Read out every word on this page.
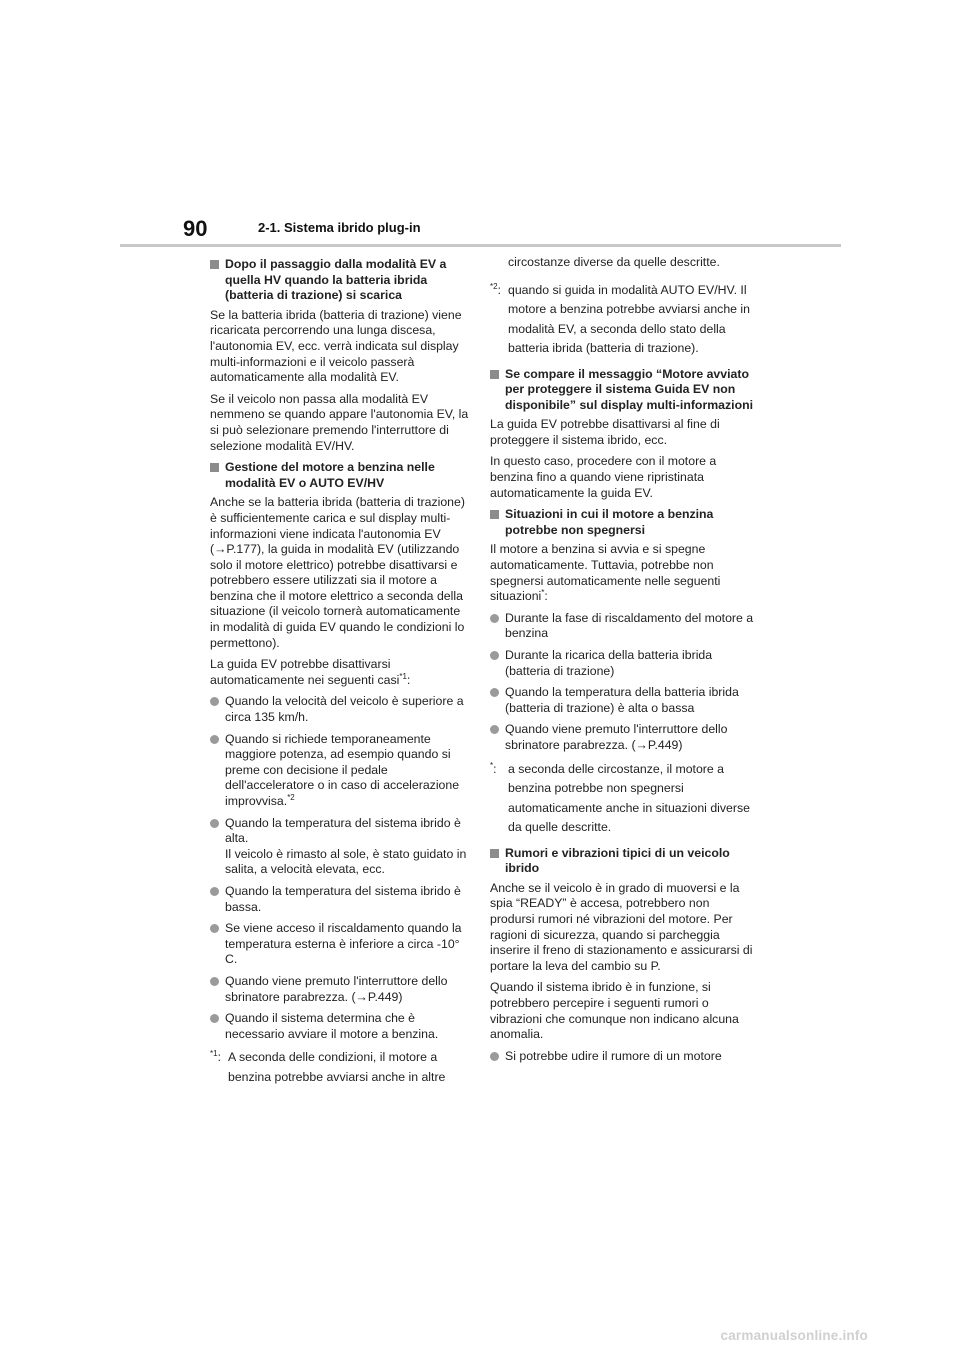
90	2-1. Sistema ibrido plug-in
Dopo il passaggio dalla modalità EV a quella HV quando la batteria ibrida (batteria di trazione) si scarica
Se la batteria ibrida (batteria di trazione) viene ricaricata percorrendo una lunga discesa, l'autonomia EV, ecc. verrà indicata sul display multi-informazioni e il veicolo passerà automaticamente alla modalità EV.
Se il veicolo non passa alla modalità EV nemmeno se quando appare l'autonomia EV, la si può selezionare premendo l'interruttore di selezione modalità EV/HV.
Gestione del motore a benzina nelle modalità EV o AUTO EV/HV
Anche se la batteria ibrida (batteria di trazione) è sufficientemente carica e sul display multi-informazioni viene indicata l'autonomia EV (→P.177), la guida in modalità EV (utilizzando solo il motore elettrico) potrebbe disattivarsi e potrebbero essere utilizzati sia il motore a benzina che il motore elettrico a seconda della situazione (il veicolo tornerà automaticamente in modalità di guida EV quando le condizioni lo permettono).
La guida EV potrebbe disattivarsi automaticamente nei seguenti casi$^{*1}$:
Quando la velocità del veicolo è superiore a circa 135 km/h.
Quando si richiede temporaneamente maggiore potenza, ad esempio quando si preme con decisione il pedale dell'acceleratore o in caso di accelerazione improvvisa.$^{*2}$
Quando la temperatura del sistema ibrido è alta.
Il veicolo è rimasto al sole, è stato guidato in salita, a velocità elevata, ecc.
Quando la temperatura del sistema ibrido è bassa.
Se viene acceso il riscaldamento quando la temperatura esterna è inferiore a circa -10° C.
Quando viene premuto l'interruttore dello sbrinatore parabrezza. (→P.449)
Quando il sistema determina che è necessario avviare il motore a benzina.
$^{*1}$: A seconda delle condizioni, il motore a benzina potrebbe avviarsi anche in altre
circostanze diverse da quelle descritte.
$^{*2}$: quando si guida in modalità AUTO EV/HV. Il motore a benzina potrebbe avviarsi anche in modalità EV, a seconda dello stato della batteria ibrida (batteria di trazione).
Se compare il messaggio “Motore avviato per proteggere il sistema Guida EV non disponibile” sul display multi-informazioni
La guida EV potrebbe disattivarsi al fine di proteggere il sistema ibrido, ecc.
In questo caso, procedere con il motore a benzina fino a quando viene ripristinata automaticamente la guida EV.
Situazioni in cui il motore a benzina potrebbe non spegnersi
Il motore a benzina si avvia e si spegne automaticamente. Tuttavia, potrebbe non spegnersi automaticamente nelle seguenti situazioni*:
Durante la fase di riscaldamento del motore a benzina
Durante la ricarica della batteria ibrida (batteria di trazione)
Quando la temperatura della batteria ibrida (batteria di trazione) è alta o bassa
Quando viene premuto l'interruttore dello sbrinatore parabrezza. (→P.449)
*: a seconda delle circostanze, il motore a benzina potrebbe non spegnersi automaticamente anche in situazioni diverse da quelle descritte.
Rumori e vibrazioni tipici di un veicolo ibrido
Anche se il veicolo è in grado di muoversi e la spia “READY” è accesa, potrebbero non prodursi rumori né vibrazioni del motore. Per ragioni di sicurezza, quando si parcheggia inserire il freno di stazionamento e assicurarsi di portare la leva del cambio su P.
Quando il sistema ibrido è in funzione, si potrebbero percepire i seguenti rumori o vibrazioni che comunque non indicano alcuna anomalia.
Si potrebbe udire il rumore di un motore
carmanualsonline.info
